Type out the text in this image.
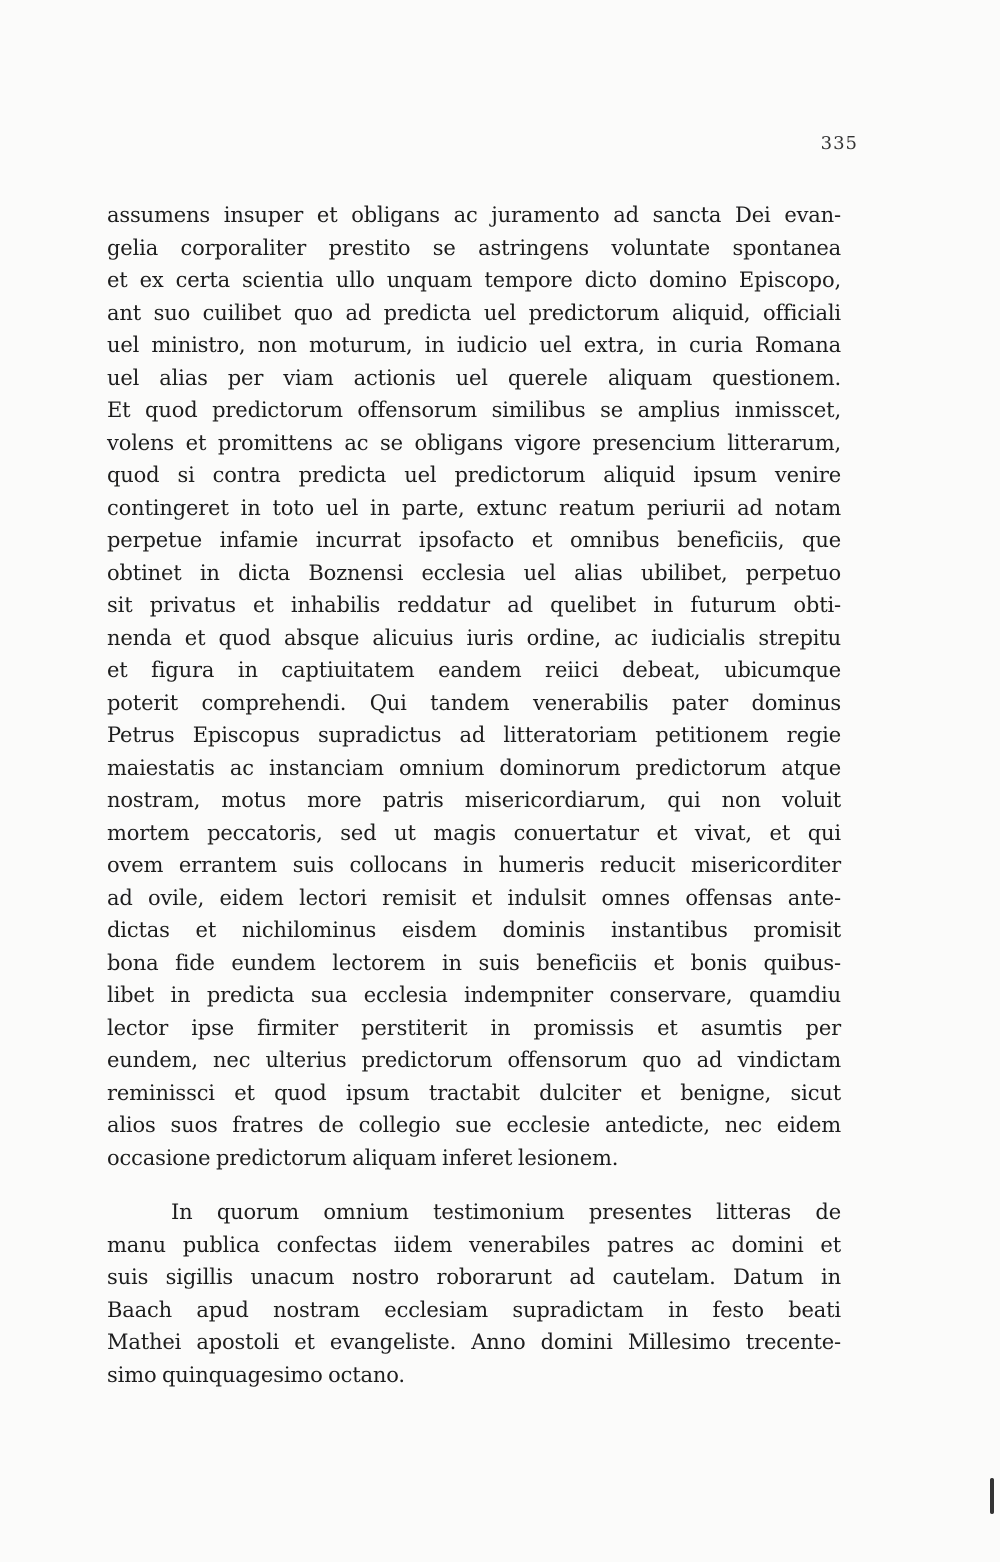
335
assumens insuper et obligans ac juramento ad sancta Dei evan-
gelia corporaliter prestito se astringens voluntate spontanea
et ex certa scientia ullo unquam tempore dicto domino Episcopo,
ant suo cuilibet quo ad predicta uel predictorum aliquid, officiali
uel ministro, non moturum, in iudicio uel extra, in curia Romana
uel alias per viam actionis uel querele aliquam questionem.
Et quod predictorum offensorum similibus se amplius inmisscet,
volens et promittens ac se obligans vigore presencium litterarum,
quod si contra predicta uel predictorum aliquid ipsum venire
contingeret in toto uel in parte, extunc reatum periurii ad notam
perpetue infamie incurrat ipsofacto et omnibus beneficiis, que
obtinet in dicta Boznensi ecclesia uel alias ubilibet, perpetuo
sit privatus et inhabilis reddatur ad quelibet in futurum obti-
nenda et quod absque alicuius iuris ordine, ac iudicialis strepitu
et figura in captiuitatem eandem reiici debeat, ubicumque
poterit comprehendi. Qui tandem venerabilis pater dominus
Petrus Episcopus supradictus ad litteratoriam petitionem regie
maiestatis ac instanciam omnium dominorum predictorum atque
nostram, motus more patris misericordiarum, qui non voluit
mortem peccatoris, sed ut magis conuertatur et vivat, et qui
ovem errantem suis collocans in humeris reducit misericorditer
ad ovile, eidem lectori remisit et indulsit omnes offensas ante-
dictas et nichilominus eisdem dominis instantibus promisit
bona fide eundem lectorem in suis beneficiis et bonis quibus-
libet in predicta sua ecclesia indempniter conservare, quamdiu
lector ipse firmiter perstiterit in promissis et asumtis per
eundem, nec ulterius predictorum offensorum quo ad vindictam
reminissci et quod ipsum tractabit dulciter et benigne, sicut
alios suos fratres de collegio sue ecclesie antedicte, nec eidem
occasione predictorum aliquam inferet lesionem.
In quorum omnium testimonium presentes litteras de
manu publica confectas iidem venerabiles patres ac domini et
suis sigillis unacum nostro roborarunt ad cautelam. Datum in
Baach apud nostram ecclesiam supradictam in festo beati
Mathei apostoli et evangeliste. Anno domini Millesimo trecente-
simo quinquagesimo octano.
